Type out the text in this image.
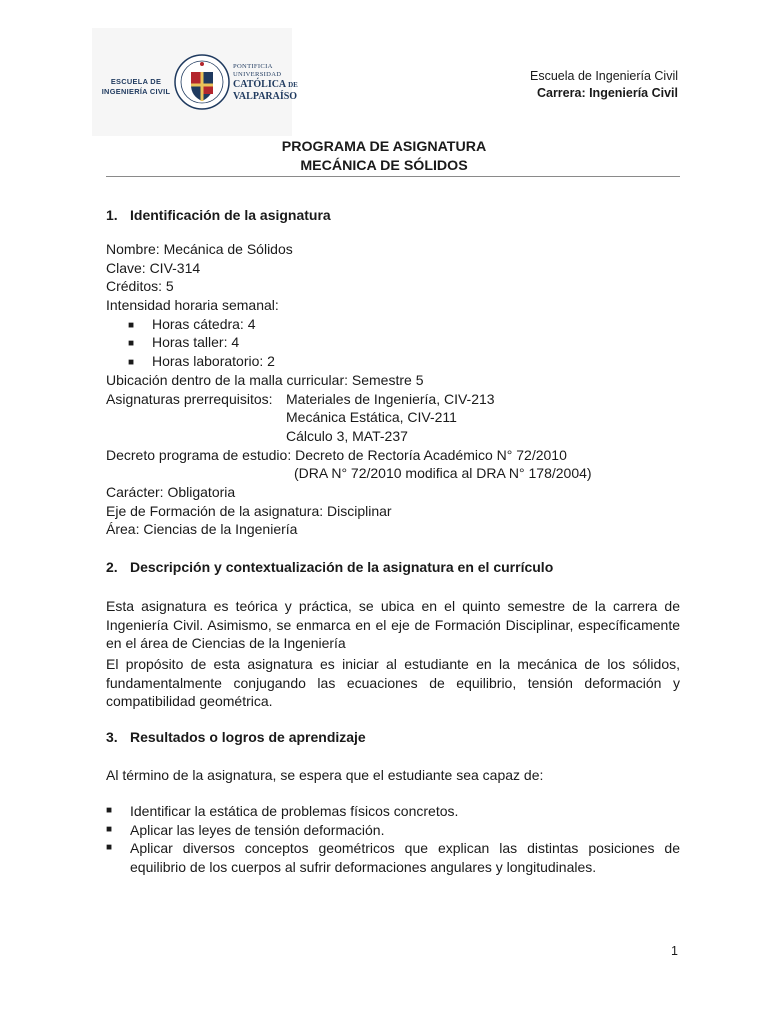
ESCUELA DE INGENIERÍA CIVIL
PONTIFICIA
UNIVERSIDAD
CATÓLICA DE
VALPARAÍSO
Escuela de Ingeniería Civil
Carrera: Ingeniería Civil
PROGRAMA DE ASIGNATURA
MECÁNICA DE SÓLIDOS
1. Identificación de la asignatura
Nombre: Mecánica de Sólidos
Clave: CIV-314
Créditos: 5
Intensidad horaria semanal:
■ Horas cátedra: 4
■ Horas taller: 4
■ Horas laboratorio: 2
Ubicación dentro de la malla curricular: Semestre 5
Asignaturas prerrequisitos: Materiales de Ingeniería, CIV-213
Mecánica Estática, CIV-211
Cálculo 3, MAT-237
Decreto programa de estudio: Decreto de Rectoría Académico N° 72/2010
(DRA N° 72/2010 modifica al DRA N° 178/2004)
Carácter: Obligatoria
Eje de Formación de la asignatura: Disciplinar
Área: Ciencias de la Ingeniería
2. Descripción y contextualización de la asignatura en el currículo
Esta asignatura es teórica y práctica, se ubica en el quinto semestre de la carrera de Ingeniería Civil. Asimismo, se enmarca en el eje de Formación Disciplinar, específicamente en el área de Ciencias de la Ingeniería
El propósito de esta asignatura es iniciar al estudiante en la mecánica de los sólidos, fundamentalmente conjugando las ecuaciones de equilibrio, tensión deformación y compatibilidad geométrica.
3. Resultados o logros de aprendizaje
Al término de la asignatura, se espera que el estudiante sea capaz de:
■	Identificar la estática de problemas físicos concretos.
■	Aplicar las leyes de tensión deformación.
■	Aplicar diversos conceptos geométricos que explican las distintas posiciones de equilibrio de los cuerpos al sufrir deformaciones angulares y longitudinales.
1
